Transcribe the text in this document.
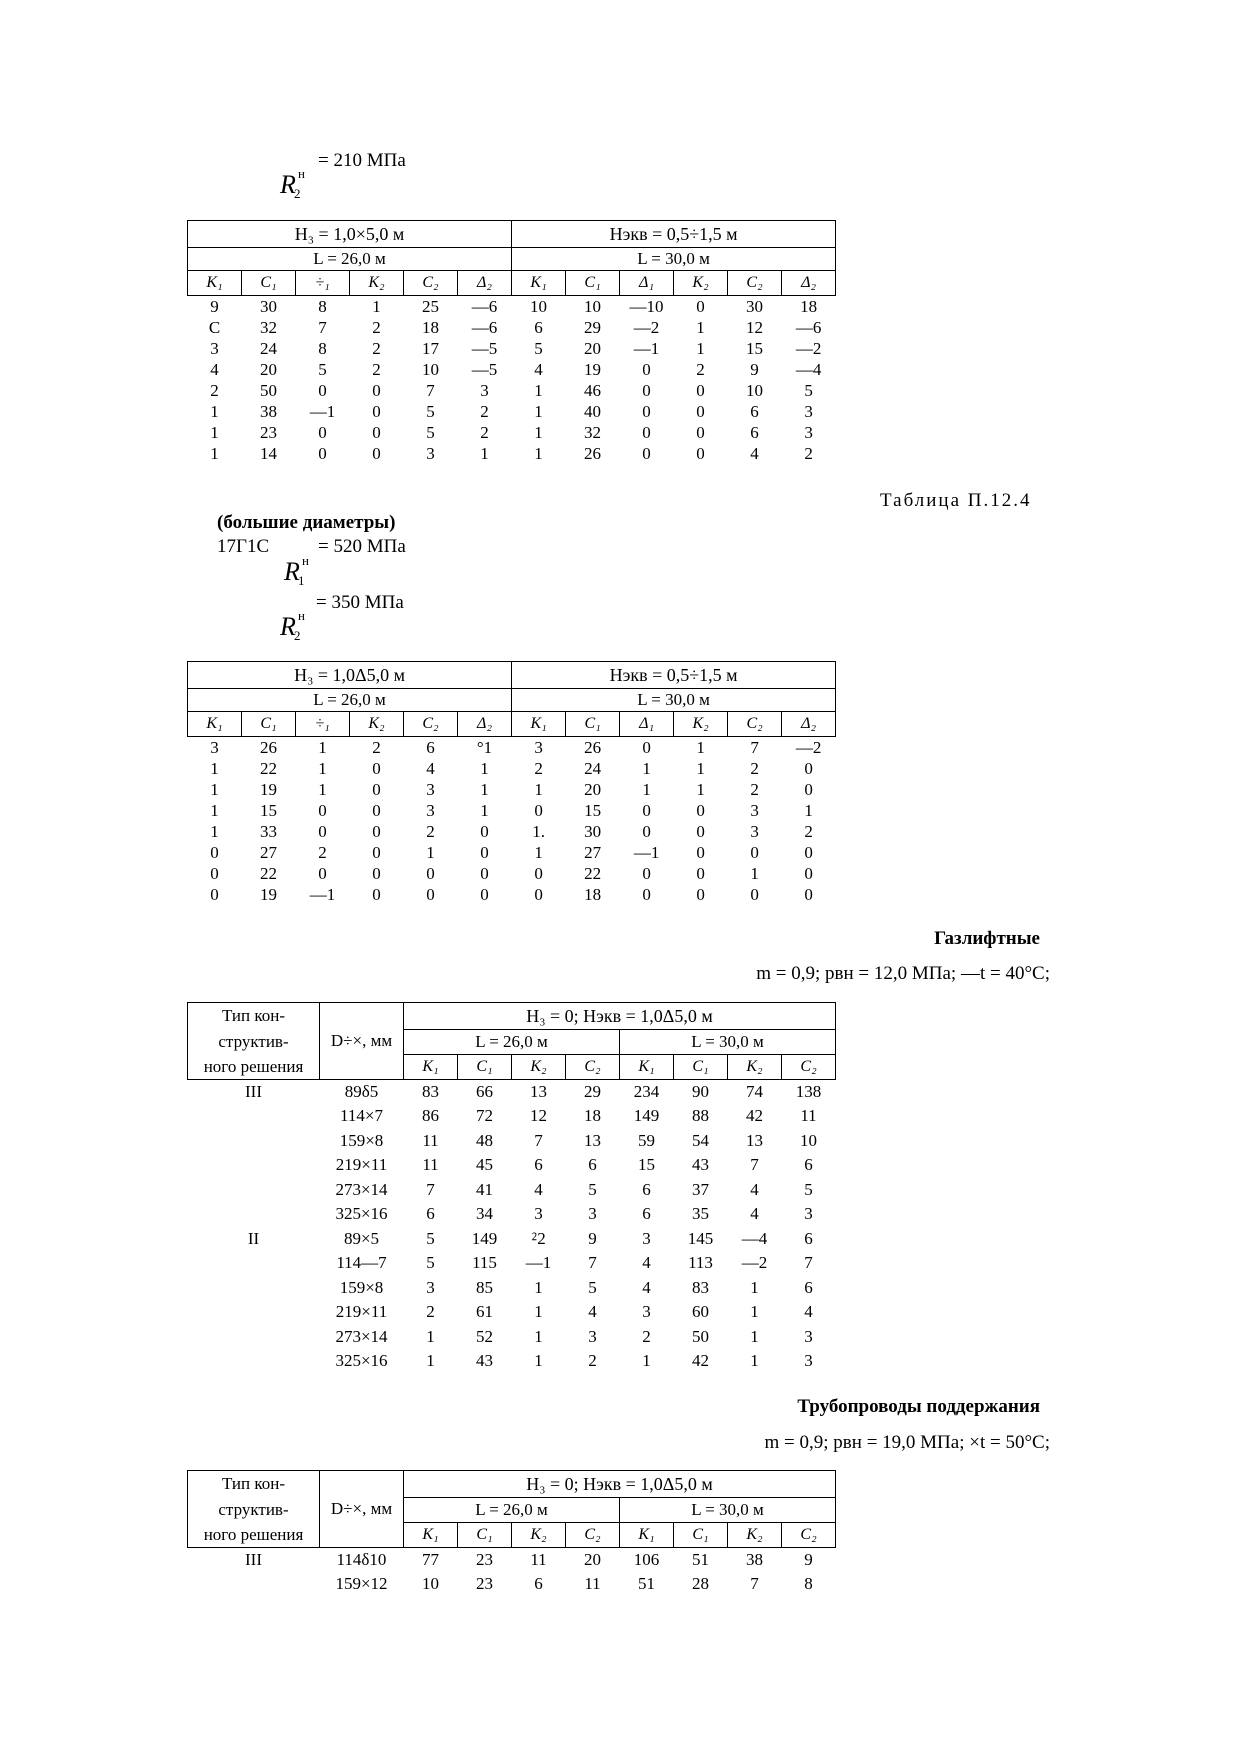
= 210 МПа
R н
2
H₃ = 1,0×5,0 м						Hэкв = 0,5÷1,5 м					
L = 26,0 м						L = 30,0 м					
K₁	C₁	÷₁	K₂	C₂	Δ₂	K₁	C₁	Δ₁	K₂	C₂	Δ₂
9	30	8	1	25	—6	10	10	—10	0	30	18
С	32	7	2	18	—6	6	29	—2	1	12	—6
3	24	8	2	17	—5	5	20	—1	1	15	—2
4	20	5	2	10	—5	4	19	0	2	9	—4
2	50	0	0	7	3	1	46	0	0	10	5
1	38	—1	0	5	2	1	40	0	0	6	3
1	23	0	0	5	2	1	32	0	0	6	3
1	14	0	0	3	1	1	26	0	0	4	2
Таблица П.12.4
(большие диаметры)
17Г1С	= 520 МПа
R н
1
= 350 МПа
R н
2
H₃ = 1,0Δ5,0 м						Hэкв = 0,5÷1,5 м					
L = 26,0 м						L = 30,0 м					
K₁	C₁	÷₁	K₂	C₂	Δ₂	K₁	C₁	Δ₁	K₂	C₂	Δ₂
3	26	1	2	6	°1	3	26	0	1	7	—2
1	22	1	0	4	1	2	24	1	1	2	0
1	19	1	0	3	1	1	20	1	1	2	0
1	15	0	0	3	1	0	15	0	0	3	1
1	33	0	0	2	0	1.	30	0	0	3	2
0	27	2	0	1	0	1	27	—1	0	0	0
0	22	0	0	0	0	0	22	0	0	1	0
0	19	—1	0	0	0	0	18	0	0	0	0
Газлифтные
m = 0,9; pвн = 12,0 МПа; —t = 40°С;
Тип кон-	D÷×, мм	H₃ = 0; Hэкв = 1,0Δ5,0 м							
структив-		L = 26,0 м				L = 30,0 м			
ного решения		K₁	C₁	K₂	C₂	K₁	C₁	K₂	C₂
III	89δ5	83	66	13	29	234	90	74	138
	114×7	86	72	12	18	149	88	42	11
	159×8	11	48	7	13	59	54	13	10
	219×11	11	45	6	6	15	43	7	6
	273×14	7	41	4	5	6	37	4	5
	325×16	6	34	3	3	6	35	4	3
II	89×5	5	149	⁲2	9	3	145	—4	6
	114—7	5	115	—1	7	4	113	—2	7
	159×8	3	85	1	5	4	83	1	6
	219×11	2	61	1	4	3	60	1	4
	273×14	1	52	1	3	2	50	1	3
	325×16	1	43	1	2	1	42	1	3
Трубопроводы поддержания
m = 0,9; pвн = 19,0 МПа; ×t = 50°С;
Тип кон-	D÷×, мм	H₃ = 0; Hэкв = 1,0Δ5,0 м							
структив-		L = 26,0 м				L = 30,0 м			
ного решения		K₁	C₁	K₂	C₂	K₁	C₁	K₂	C₂
III	114δ10	77	23	11	20	106	51	38	9
	159×12	10	23	6	11	51	28	7	8
